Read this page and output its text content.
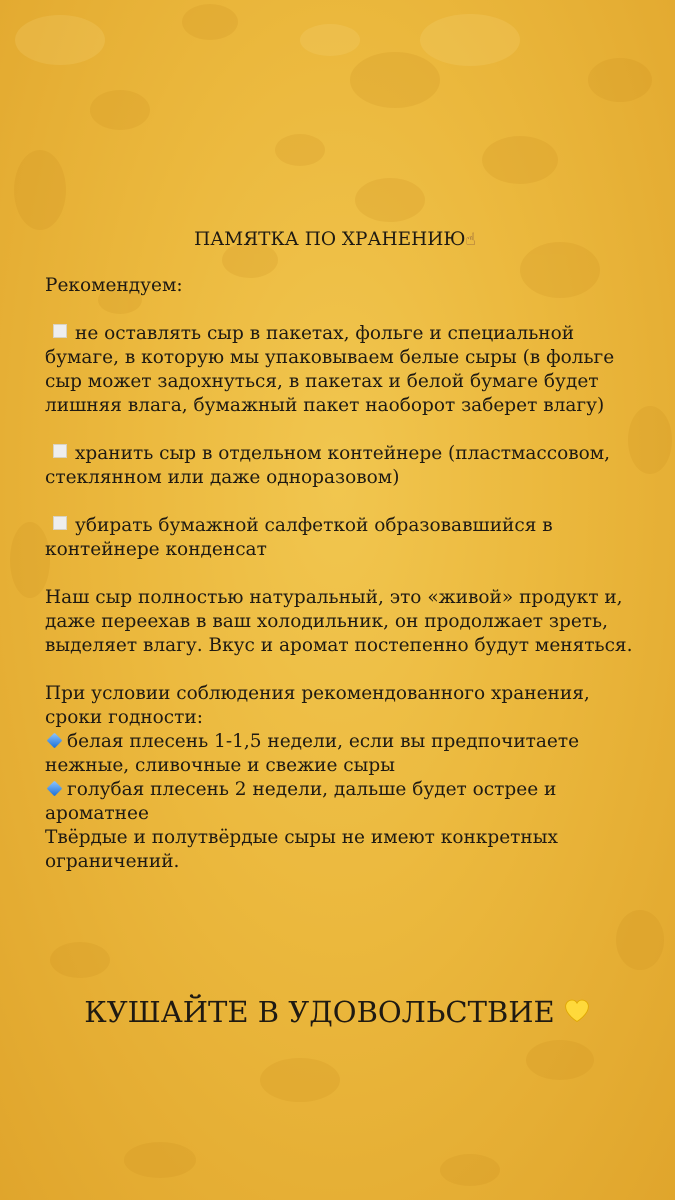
ПАМЯТКА ПО ХРАНЕНИЮ☝

Рекомендуем:

не оставлять сыр в пакетах, фольге и специальной бумаге, в которую мы упаковываем белые сыры (в фольге сыр может задохнуться, в пакетах и белой бумаге будет лишняя влага, бумажный пакет наоборот заберет влагу)

хранить сыр в отдельном контейнере (пластмассовом, стеклянном или даже одноразовом)

убирать бумажной салфеткой образовавшийся в контейнере конденсат

Наш сыр полностью натуральный, это «живой» продукт и, даже переехав в ваш холодильник, он продолжает зреть, выделяет влагу. Вкус и аромат постепенно будут меняться.

При условии соблюдения рекомендованного хранения, сроки годности:

белая плесень 1-1,5 недели, если вы предпочитаете нежные, сливочные и свежие сыры

голубая плесень 2 недели, дальше будет острее и ароматнее

Твёрдые и полутвёрдые сыры не имеют конкретных ограничений.

КУШАЙТЕ В УДОВОЛЬСТВИЕ
